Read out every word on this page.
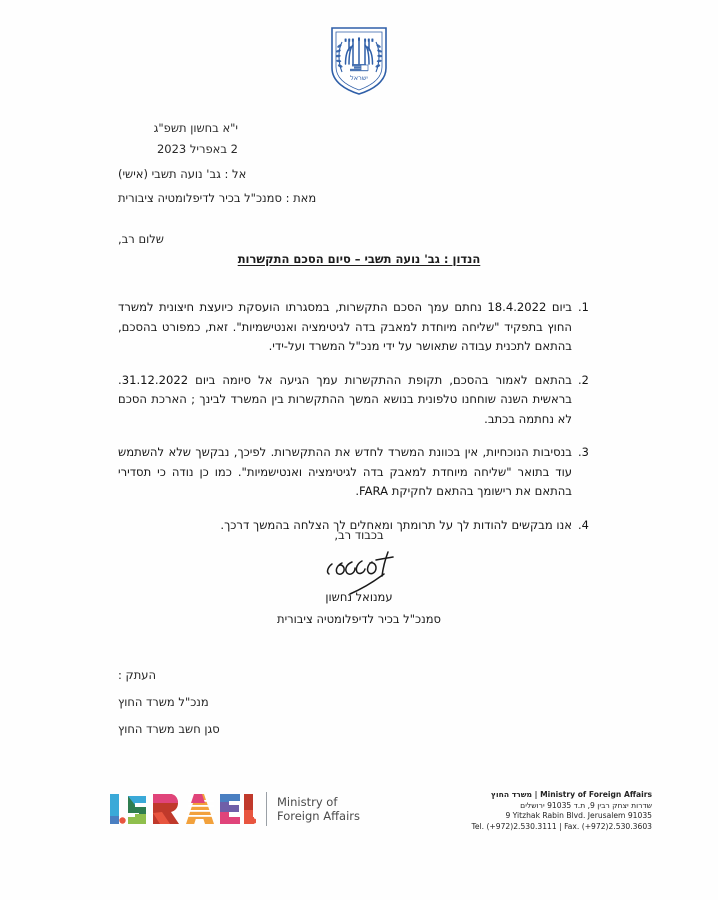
ישראל
י"א בחשון תשפ"ג
2 באפריל 2023
אל : גב' נועה תשבי (אישי)
מאת : סמנכ"ל בכיר לדיפלומטיה ציבורית
שלום רב,
הנדון : גב' נועה תשבי – סיום הסכם התקשרות
.1
ביום 18.4.2022 נחתם עמך הסכם התקשרות, במסגרתו הועסקת כיועצת חיצונית למשרד החוץ בתפקיד "שליחה מיוחדת למאבק בדה לגיטימציה ואנטישמיות". זאת, כמפורט בהסכם, בהתאם לתכנית עבודה שתאושר על ידי מנכ"ל המשרד ועל-ידי.
.2
בהתאם לאמור בהסכם, תקופת ההתקשרות עמך הגיעה אל סיומה ביום 31.12.2022. בראשית השנה שוחחנו טלפונית בנושא המשך ההתקשרות בין המשרד לבינך ; הארכת הסכם לא נחתמה בכתב.
.3
בנסיבות הנוכחיות, אין בכוונת המשרד לחדש את ההתקשרות. לפיכך, נבקשך שלא להשתמש עוד בתואר "שליחה מיוחדת למאבק בדה לגיטימציה ואנטישמיות". כמו כן נודה כי תסדירי בהתאם את רישומך בהתאם לחקיקת FARA.
.4
אנו מבקשים להודות לך על תרומתך ומאחלים לך הצלחה בהמשך דרכך.
בכבוד רב,
עמנואל נחשון
סמנכ"ל בכיר לדיפלומטיה ציבורית
העתק :
מנכ"ל משרד החוץ
סגן חשב משרד החוץ
Ministry of
Foreign Affairs
Ministry of Foreign Affairs | משרד החוץ
שדרות יצחק רבין 9, ת.ד 91035 ירושלים
9 Yitzhak Rabin Blvd. Jerusalem 91035
Tel. (+972)2.530.3111 | Fax. (+972)2.530.3603
